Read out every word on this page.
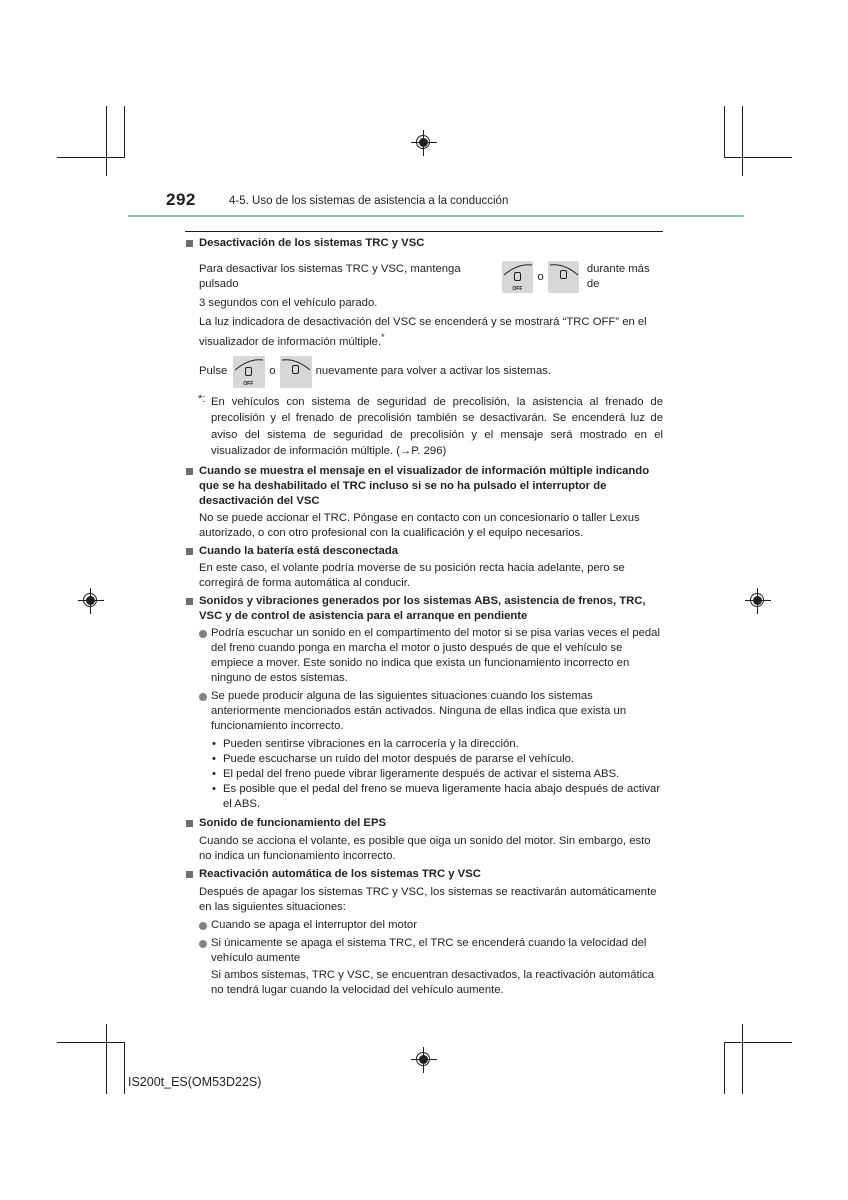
292	4-5. Uso de los sistemas de asistencia a la conducción
Desactivación de los sistemas TRC y VSC
Para desactivar los sistemas TRC y VSC, mantenga pulsado	OFF
o
durante más de

3 segundos con el vehículo parado.

La luz indicadora de desactivación del VSC se encenderá y se mostrará “TRC OFF” en el visualizador de información múltiple.*

Pulse
OFF
o	nuevamente para volver a activar los sistemas.
*: En vehículos con sistema de seguridad de precolisión, la asistencia al frenado de precolisión y el frenado de precolisión también se desactivarán. Se encenderá luz de aviso del sistema de seguridad de precolisión y el mensaje será mostrado en el visualizador de información múltiple. (→P. 296)
Cuando se muestra el mensaje en el visualizador de información múltiple indicando que se ha deshabilitado el TRC incluso si se no ha pulsado el interruptor de desactivación del VSC

No se puede accionar el TRC. Póngase en contacto con un concesionario o taller Lexus autorizado, o con otro profesional con la cualificación y el equipo necesarios.

Cuando la batería está desconectada

En este caso, el volante podría moverse de su posición recta hacia adelante, pero se corregirá de forma automática al conducir.

Sonidos y vibraciones generados por los sistemas ABS, asistencia de frenos, TRC, VSC y de control de asistencia para el arranque en pendiente
Podría escuchar un sonido en el compartimento del motor si se pisa varias veces el pedal del freno cuando ponga en marcha el motor o justo después de que el vehículo se empiece a mover. Este sonido no indica que exista un funcionamiento incorrecto en ninguno de estos sistemas.
Se puede producir alguna de las siguientes situaciones cuando los sistemas anteriormente mencionados están activados. Ninguna de ellas indica que exista un funcionamiento incorrecto.
• Pueden sentirse vibraciones en la carrocería y la dirección.
• Puede escucharse un ruido del motor después de pararse el vehículo.
• El pedal del freno puede vibrar ligeramente después de activar el sistema ABS.
• Es posible que el pedal del freno se mueva ligeramente hacia abajo después de activar el ABS.
Sonido de funcionamiento del EPS

Cuando se acciona el volante, es posible que oiga un sonido del motor. Sin embargo, esto no indica un funcionamiento incorrecto.

Reactivación automática de los sistemas TRC y VSC

Después de apagar los sistemas TRC y VSC, los sistemas se reactivarán automáticamente en las siguientes situaciones:

Cuando se apaga el interruptor del motor
Si únicamente se apaga el sistema TRC, el TRC se encenderá cuando la velocidad del vehículo aumente

Si ambos sistemas, TRC y VSC, se encuentran desactivados, la reactivación automática no tendrá lugar cuando la velocidad del vehículo aumente.

IS200t_ES(OM53D22S)
